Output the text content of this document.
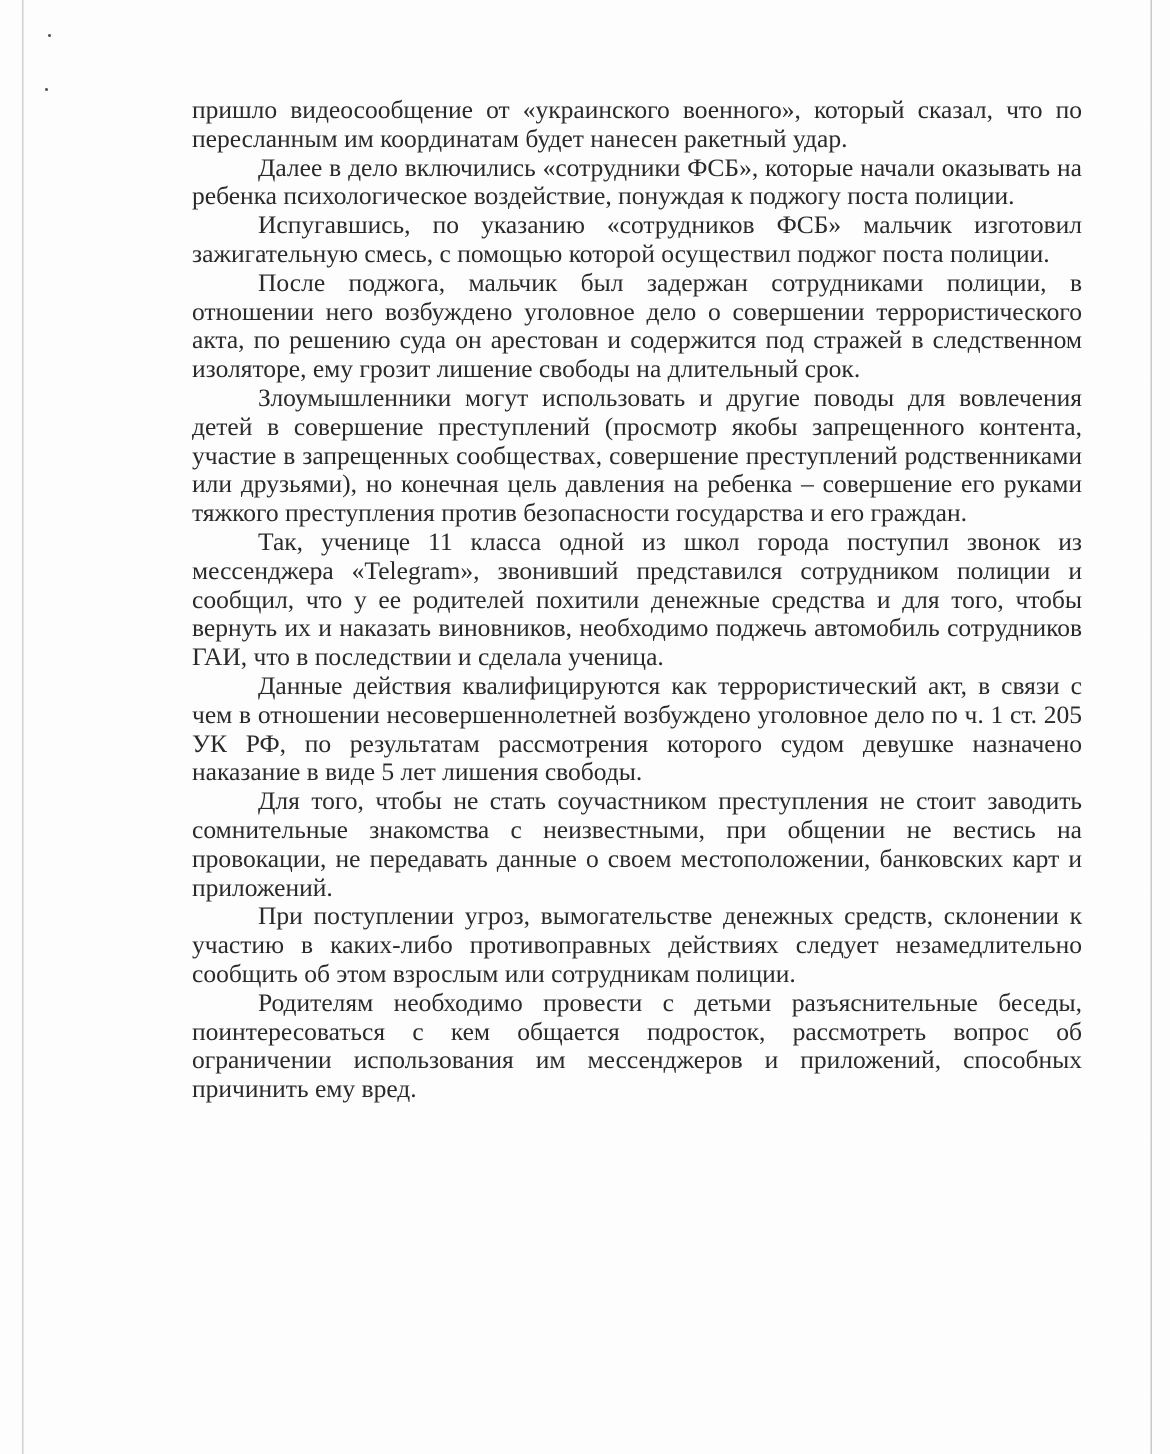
пришло видеосообщение от «украинского военного», который сказал, что по пересланным им координатам будет нанесен ракетный удар.

Далее в дело включились «сотрудники ФСБ», которые начали оказывать на ребенка психологическое воздействие, понуждая к поджогу поста полиции.

Испугавшись, по указанию «сотрудников ФСБ» мальчик изготовил зажигательную смесь, с помощью которой осуществил поджог поста полиции.

После поджога, мальчик был задержан сотрудниками полиции, в отношении него возбуждено уголовное дело о совершении террористического акта, по решению суда он арестован и содержится под стражей в следственном изоляторе, ему грозит лишение свободы на длительный срок.

Злоумышленники могут использовать и другие поводы для вовлечения детей в совершение преступлений (просмотр якобы запрещенного контента, участие в запрещенных сообществах, совершение преступлений родственниками или друзьями), но конечная цель давления на ребенка – совершение его руками тяжкого преступления против безопасности государства и его граждан.

Так, ученице 11 класса одной из школ города поступил звонок из мессенджера «Telegram», звонивший представился сотрудником полиции и сообщил, что у ее родителей похитили денежные средства и для того, чтобы вернуть их и наказать виновников, необходимо поджечь автомобиль сотрудников ГАИ, что в последствии и сделала ученица.

Данные действия квалифицируются как террористический акт, в связи с чем в отношении несовершеннолетней возбуждено уголовное дело по ч. 1 ст. 205 УК РФ, по результатам рассмотрения которого судом девушке назначено наказание в виде 5 лет лишения свободы.

Для того, чтобы не стать соучастником преступления не стоит заводить сомнительные знакомства с неизвестными, при общении не вестись на провокации, не передавать данные о своем местоположении, банковских карт и приложений.

При поступлении угроз, вымогательстве денежных средств, склонении к участию в каких-либо противоправных действиях следует незамедлительно сообщить об этом взрослым или сотрудникам полиции.

Родителям необходимо провести с детьми разъяснительные беседы, поинтересоваться с кем общается подросток, рассмотреть вопрос об ограничении использования им мессенджеров и приложений, способных причинить ему вред.
